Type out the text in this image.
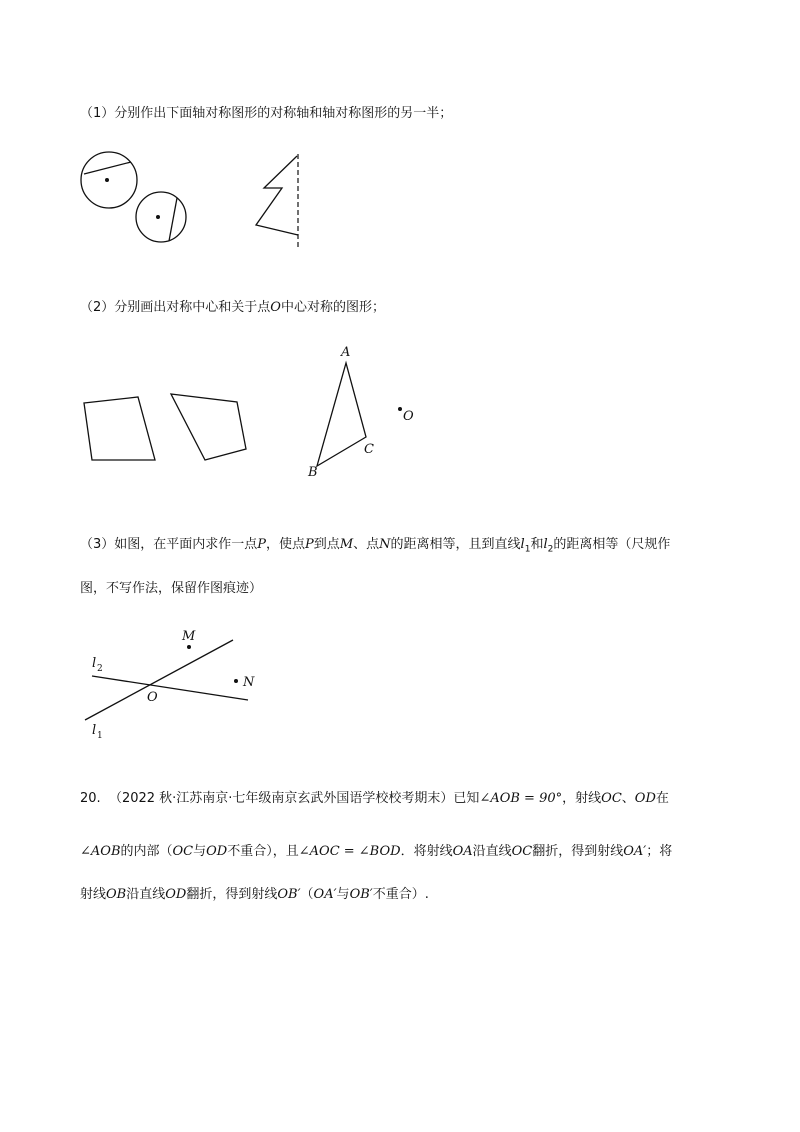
（1）分别作出下面轴对称图形的对称轴和轴对称图形的另一半；
A
B
C
O
M
N
O
l 2
l 1
（2）分别画出对称中心和关于点O中心对称的图形；
（3）如图，在平面内求作一点P，使点P到点M、点N的距离相等，且到直线$l_1$和$l_2$的距离相等（尺规作
图，不写作法，保留作图痕迹）
20. （2022 秋·江苏南京·七年级南京玄武外国语学校校考期末）已知∠AOB = 90°，射线OC、OD在
∠AOB的内部（OC与OD不重合），且∠AOC = ∠BOD．将射线OA沿直线OC翻折，得到射线OA′；将
射线OB沿直线OD翻折，得到射线OB′（OA′与OB′不重合）.
